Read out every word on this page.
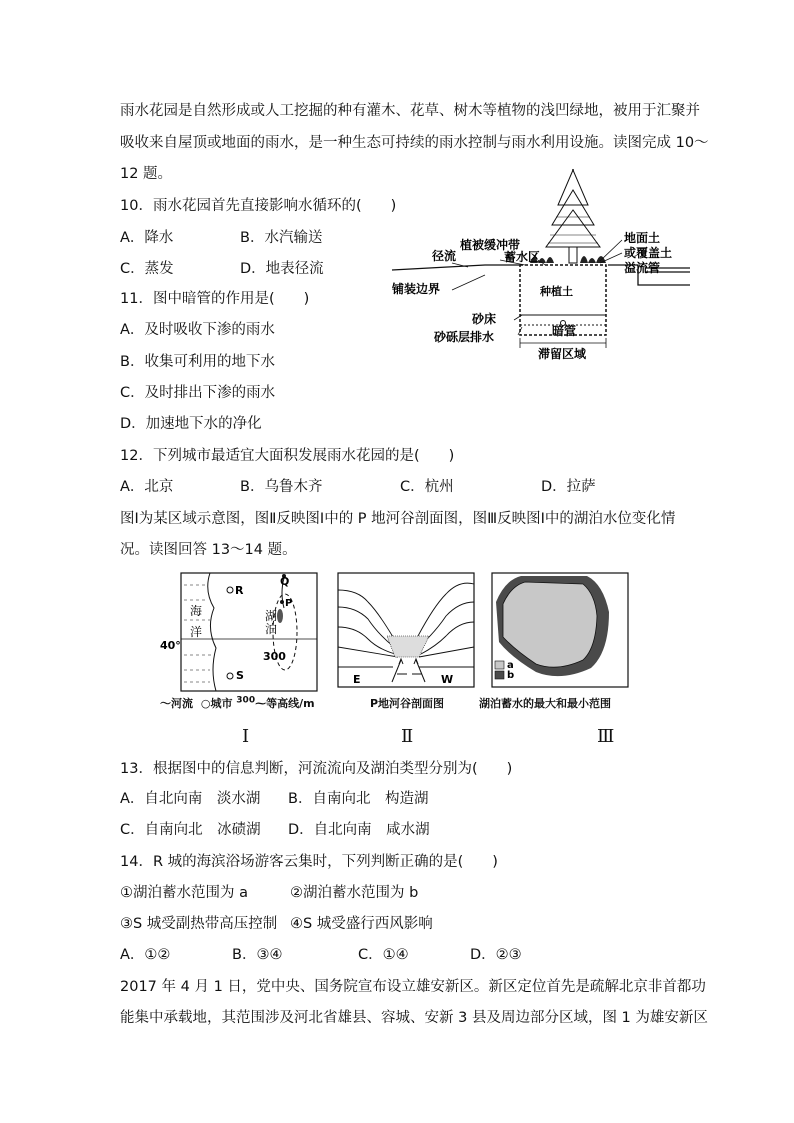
雨水花园是自然形成或人工挖掘的种有灌木、花草、树木等植物的浅凹绿地，被用于汇聚并
吸收来自屋顶或地面的雨水，是一种生态可持续的雨水控制与雨水利用设施。读图完成 10～
12 题。
10．雨水花园首先直接影响水循环的(　　)
A．降水	B．水汽输送
C．蒸发	D．地表径流
11．图中暗管的作用是(　　)
A．及时吸收下渗的雨水
B．收集可利用的地下水
C．及时排出下渗的雨水
D．加速地下水的净化
12．下列城市最适宜大面积发展雨水花园的是(　　)
A．北京	B．乌鲁木齐	C．杭州	D．拉萨
图Ⅰ为某区域示意图，图Ⅱ反映图Ⅰ中的 P 地河谷剖面图，图Ⅲ反映图Ⅰ中的湖泊水位变化情
况。读图回答 13～14 题。
径流
植被缓冲带
蓄水区
地面土
或覆盖土
溢流管
铺装边界	种植土
砂床
砂砾层排水	暗管
滞留区域
R
Q
P
海
洋
湖
泊
300
40°
S
〜河流 ○城市 $^{300}$⁓等高线/m
Ⅰ
E	W
P地河谷剖面图
Ⅱ
a
b
湖泊蓄水的最大和最小范围
Ⅲ
13．根据图中的信息判断，河流流向及湖泊类型分别为(　　)
A．自北向南　淡水湖 B．自南向北　构造湖
C．自南向北　冰碛湖 D．自北向南　咸水湖
14．R 城的海滨浴场游客云集时，下列判断正确的是(　　)
①湖泊蓄水范围为 a	②湖泊蓄水范围为 b
③S 城受副热带高压控制 ④S 城受盛行西风影响
A．①②	B．③④	C．①④	D．②③
2017 年 4 月 1 日，党中央、国务院宣布设立雄安新区。新区定位首先是疏解北京非首都功
能集中承载地，其范围涉及河北省雄县、容城、安新 3 县及周边部分区域，图 1 为雄安新区
